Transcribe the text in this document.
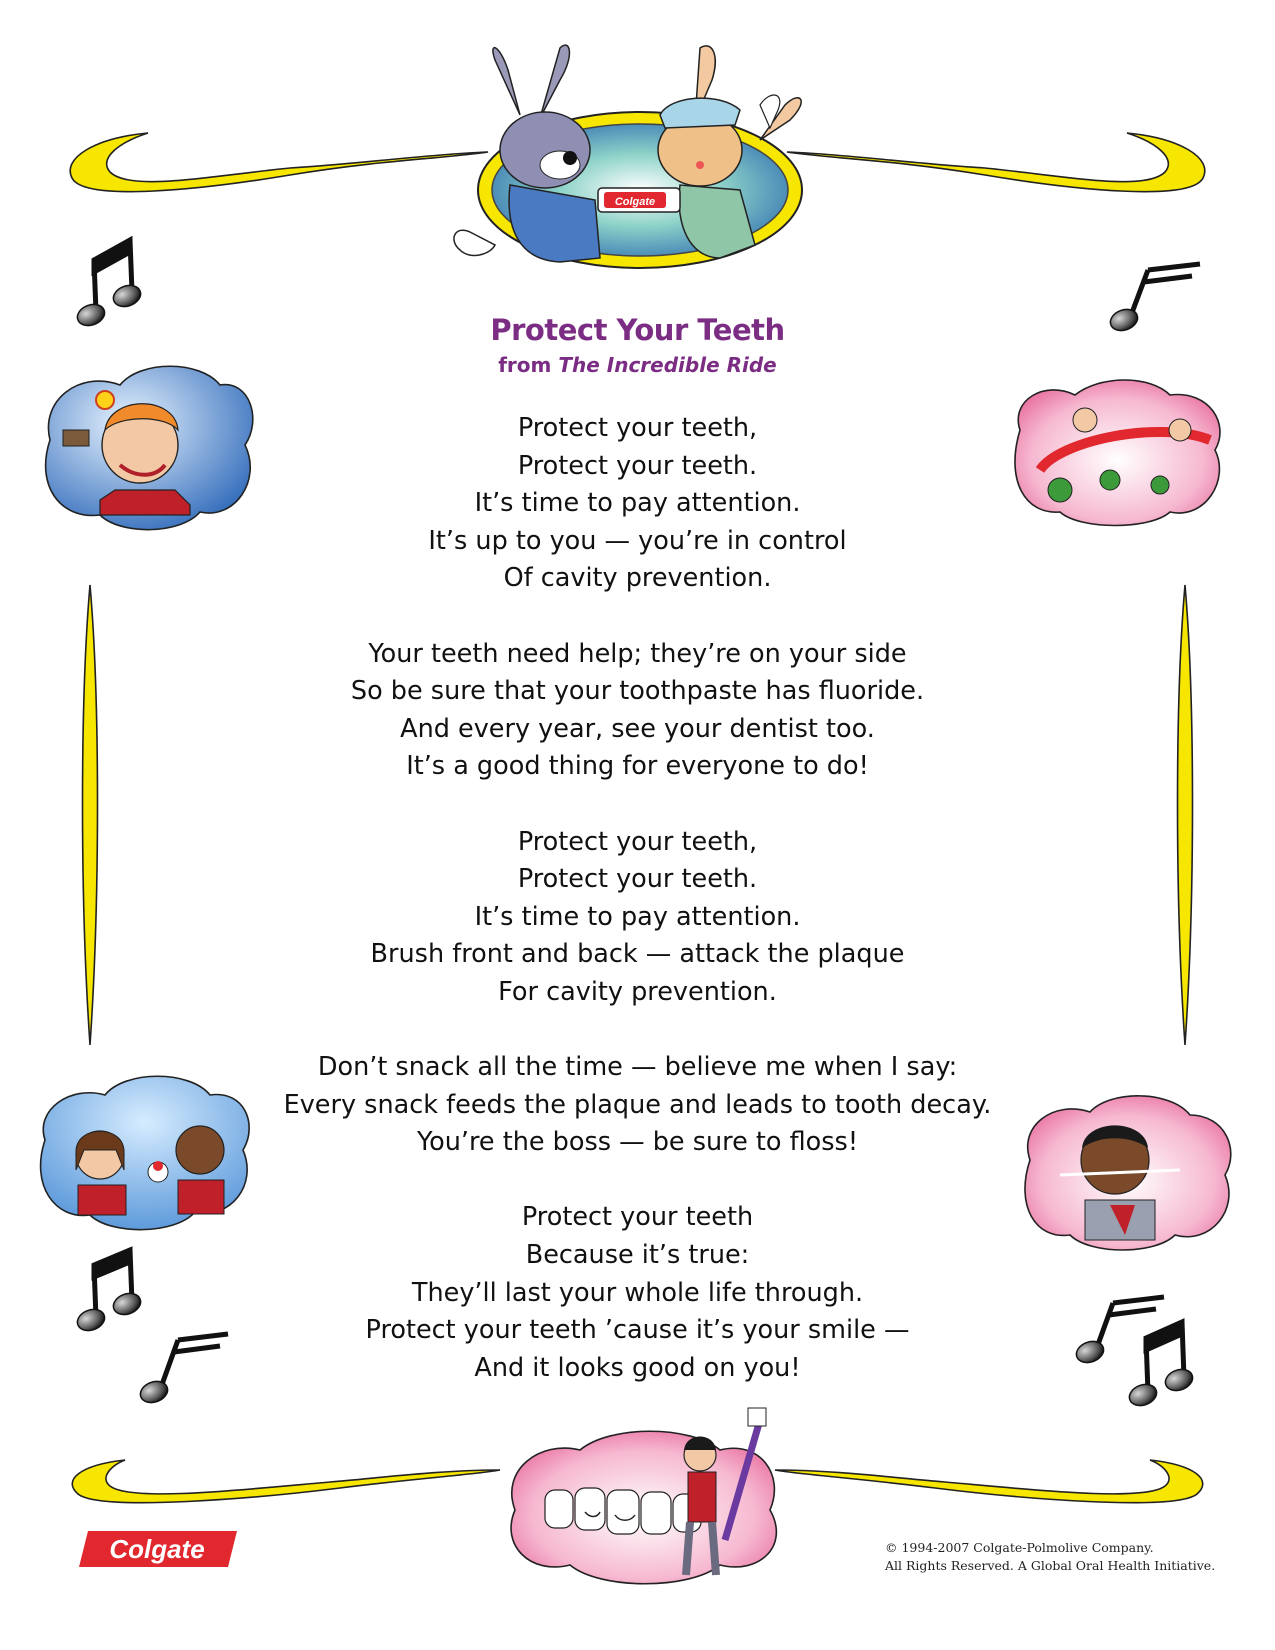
Colgate
Protect Your Teeth
from The Incredible Ride
Protect your teeth,
Protect your teeth.
It’s time to pay attention.
It’s up to you — you’re in control
Of cavity prevention.
Your teeth need help; they’re on your side
So be sure that your toothpaste has fluoride.
And every year, see your dentist too.
It’s a good thing for everyone to do!
Protect your teeth,
Protect your teeth.
It’s time to pay attention.
Brush front and back — attack the plaque
For cavity prevention.
Don’t snack all the time — believe me when I say:
Every snack feeds the plaque and leads to tooth decay.
You’re the boss — be sure to floss!
Protect your teeth
Because it’s true:
They’ll last your whole life through.
Protect your teeth ’cause it’s your smile —
And it looks good on you!
Colgate	© 1994-2007 Colgate-Polmolive Company.
All Rights Reserved. A Global Oral Health Initiative.
